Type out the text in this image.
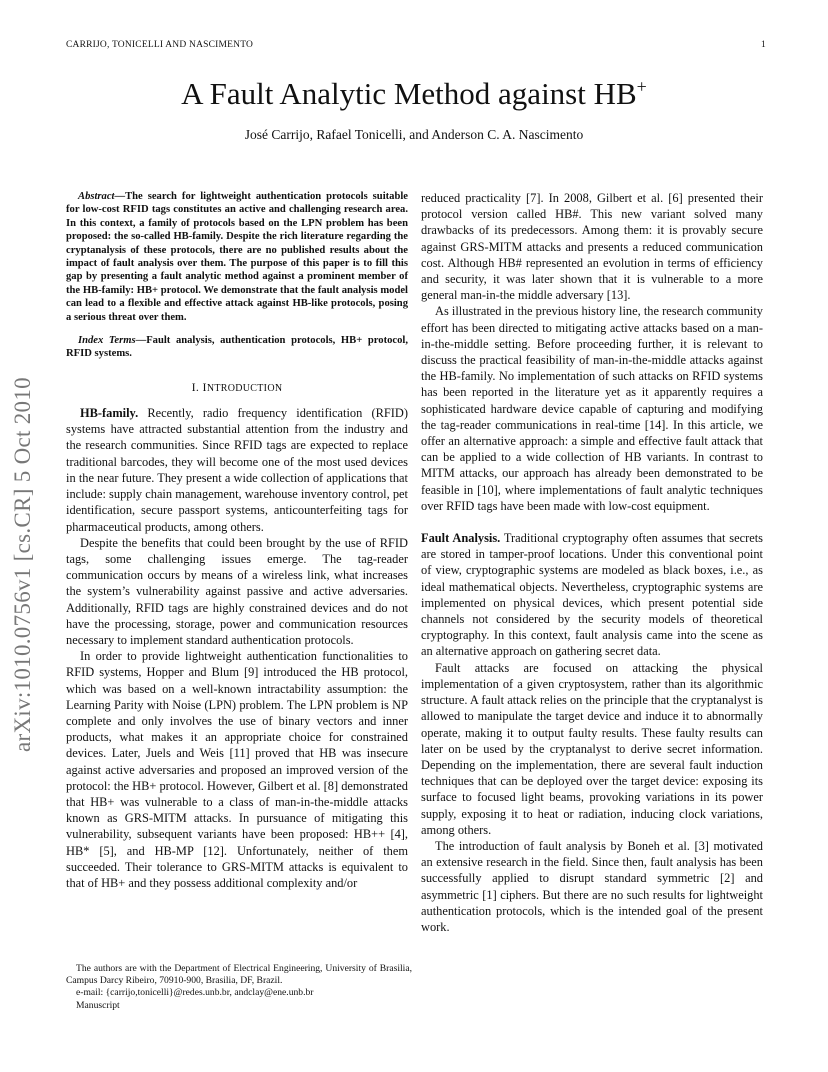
CARRIJO, TONICELLI AND NASCIMENTO	1
A Fault Analytic Method against HB+
José Carrijo, Rafael Tonicelli, and Anderson C. A. Nascimento
arXiv:1010.0756v1 [cs.CR] 5 Oct 2010

Abstract—The search for lightweight authentication protocols suitable for low-cost RFID tags constitutes an active and challenging research area. In this context, a family of protocols based on the LPN problem has been proposed: the so-called HB-family. Despite the rich literature regarding the cryptanalysis of these protocols, there are no published results about the impact of fault analysis over them. The purpose of this paper is to fill this gap by presenting a fault analytic method against a prominent member of the HB-family: HB+ protocol. We demonstrate that the fault analysis model can lead to a flexible and effective attack against HB-like protocols, posing a serious threat over them.

Index Terms—Fault analysis, authentication protocols, HB+ protocol, RFID systems.

I. INTRODUCTION

HB-family. Recently, radio frequency identification (RFID) systems have attracted substantial attention from the industry and the research communities. Since RFID tags are expected to replace traditional barcodes, they will become one of the most used devices in the near future. They present a wide collection of applications that include: supply chain management, warehouse inventory control, pet identification, secure passport systems, anticounterfeiting tags for pharmaceutical products, among others.

Despite the benefits that could been brought by the use of RFID tags, some challenging issues emerge. The tag-reader communication occurs by means of a wireless link, what increases the system’s vulnerability against passive and active adversaries. Additionally, RFID tags are highly constrained devices and do not have the processing, storage, power and communication resources necessary to implement standard authentication protocols.

In order to provide lightweight authentication functionalities to RFID systems, Hopper and Blum [9] introduced the HB protocol, which was based on a well-known intractability assumption: the Learning Parity with Noise (LPN) problem. The LPN problem is NP complete and only involves the use of binary vectors and inner products, what makes it an appropriate choice for constrained devices. Later, Juels and Weis [11] proved that HB was insecure against active adversaries and proposed an improved version of the protocol: the HB+ protocol. However, Gilbert et al. [8] demonstrated that HB+ was vulnerable to a class of man-in-the-middle attacks known as GRS-MITM attacks. In pursuance of mitigating this vulnerability, subsequent variants have been proposed: HB++ [4], HB* [5], and HB-MP [12]. Unfortunately, neither of them succeeded. Their tolerance to GRS-MITM attacks is equivalent to that of HB+ and they possess additional complexity and/or

reduced practicality [7]. In 2008, Gilbert et al. [6] presented their protocol version called HB#. This new variant solved many drawbacks of its predecessors. Among them: it is provably secure against GRS-MITM attacks and presents a reduced communication cost. Although HB# represented an evolution in terms of efficiency and security, it was later shown that it is vulnerable to a more general man-in-the middle adversary [13].

As illustrated in the previous history line, the research community effort has been directed to mitigating active attacks based on a man-in-the-middle setting. Before proceeding further, it is relevant to discuss the practical feasibility of man-in-the-middle attacks against the HB-family. No implementation of such attacks on RFID systems has been reported in the literature yet as it apparently requires a sophisticated hardware device capable of capturing and modifying the tag-reader communications in real-time [14]. In this article, we offer an alternative approach: a simple and effective fault attack that can be applied to a wide collection of HB variants. In contrast to MITM attacks, our approach has already been demonstrated to be feasible in [10], where implementations of fault analytic techniques over RFID tags have been made with low-cost equipment.

Fault Analysis. Traditional cryptography often assumes that secrets are stored in tamper-proof locations. Under this conventional point of view, cryptographic systems are modeled as black boxes, i.e., as ideal mathematical objects. Nevertheless, cryptographic systems are implemented on physical devices, which present potential side channels not considered by the security models of theoretical cryptography. In this context, fault analysis came into the scene as an alternative approach on gathering secret data.

Fault attacks are focused on attacking the physical implementation of a given cryptosystem, rather than its algorithmic structure. A fault attack relies on the principle that the cryptanalyst is allowed to manipulate the target device and induce it to abnormally operate, making it to output faulty results. These faulty results can later on be used by the cryptanalyst to derive secret information. Depending on the implementation, there are several fault induction techniques that can be deployed over the target device: exposing its surface to focused light beams, provoking variations in its power supply, exposing it to heat or radiation, inducing clock variations, among others.

The introduction of fault analysis by Boneh et al. [3] motivated an extensive research in the field. Since then, fault analysis has been successfully applied to disrupt standard symmetric [2] and asymmetric [1] ciphers. But there are no such results for lightweight authentication protocols, which is the intended goal of the present work.

The authors are with the Department of Electrical Engineering, University of Brasilia, Campus Darcy Ribeiro, 70910-900, Brasilia, DF, Brazil.

e-mail: {carrijo,tonicelli}@redes.unb.br, andclay@ene.unb.br

Manuscript
